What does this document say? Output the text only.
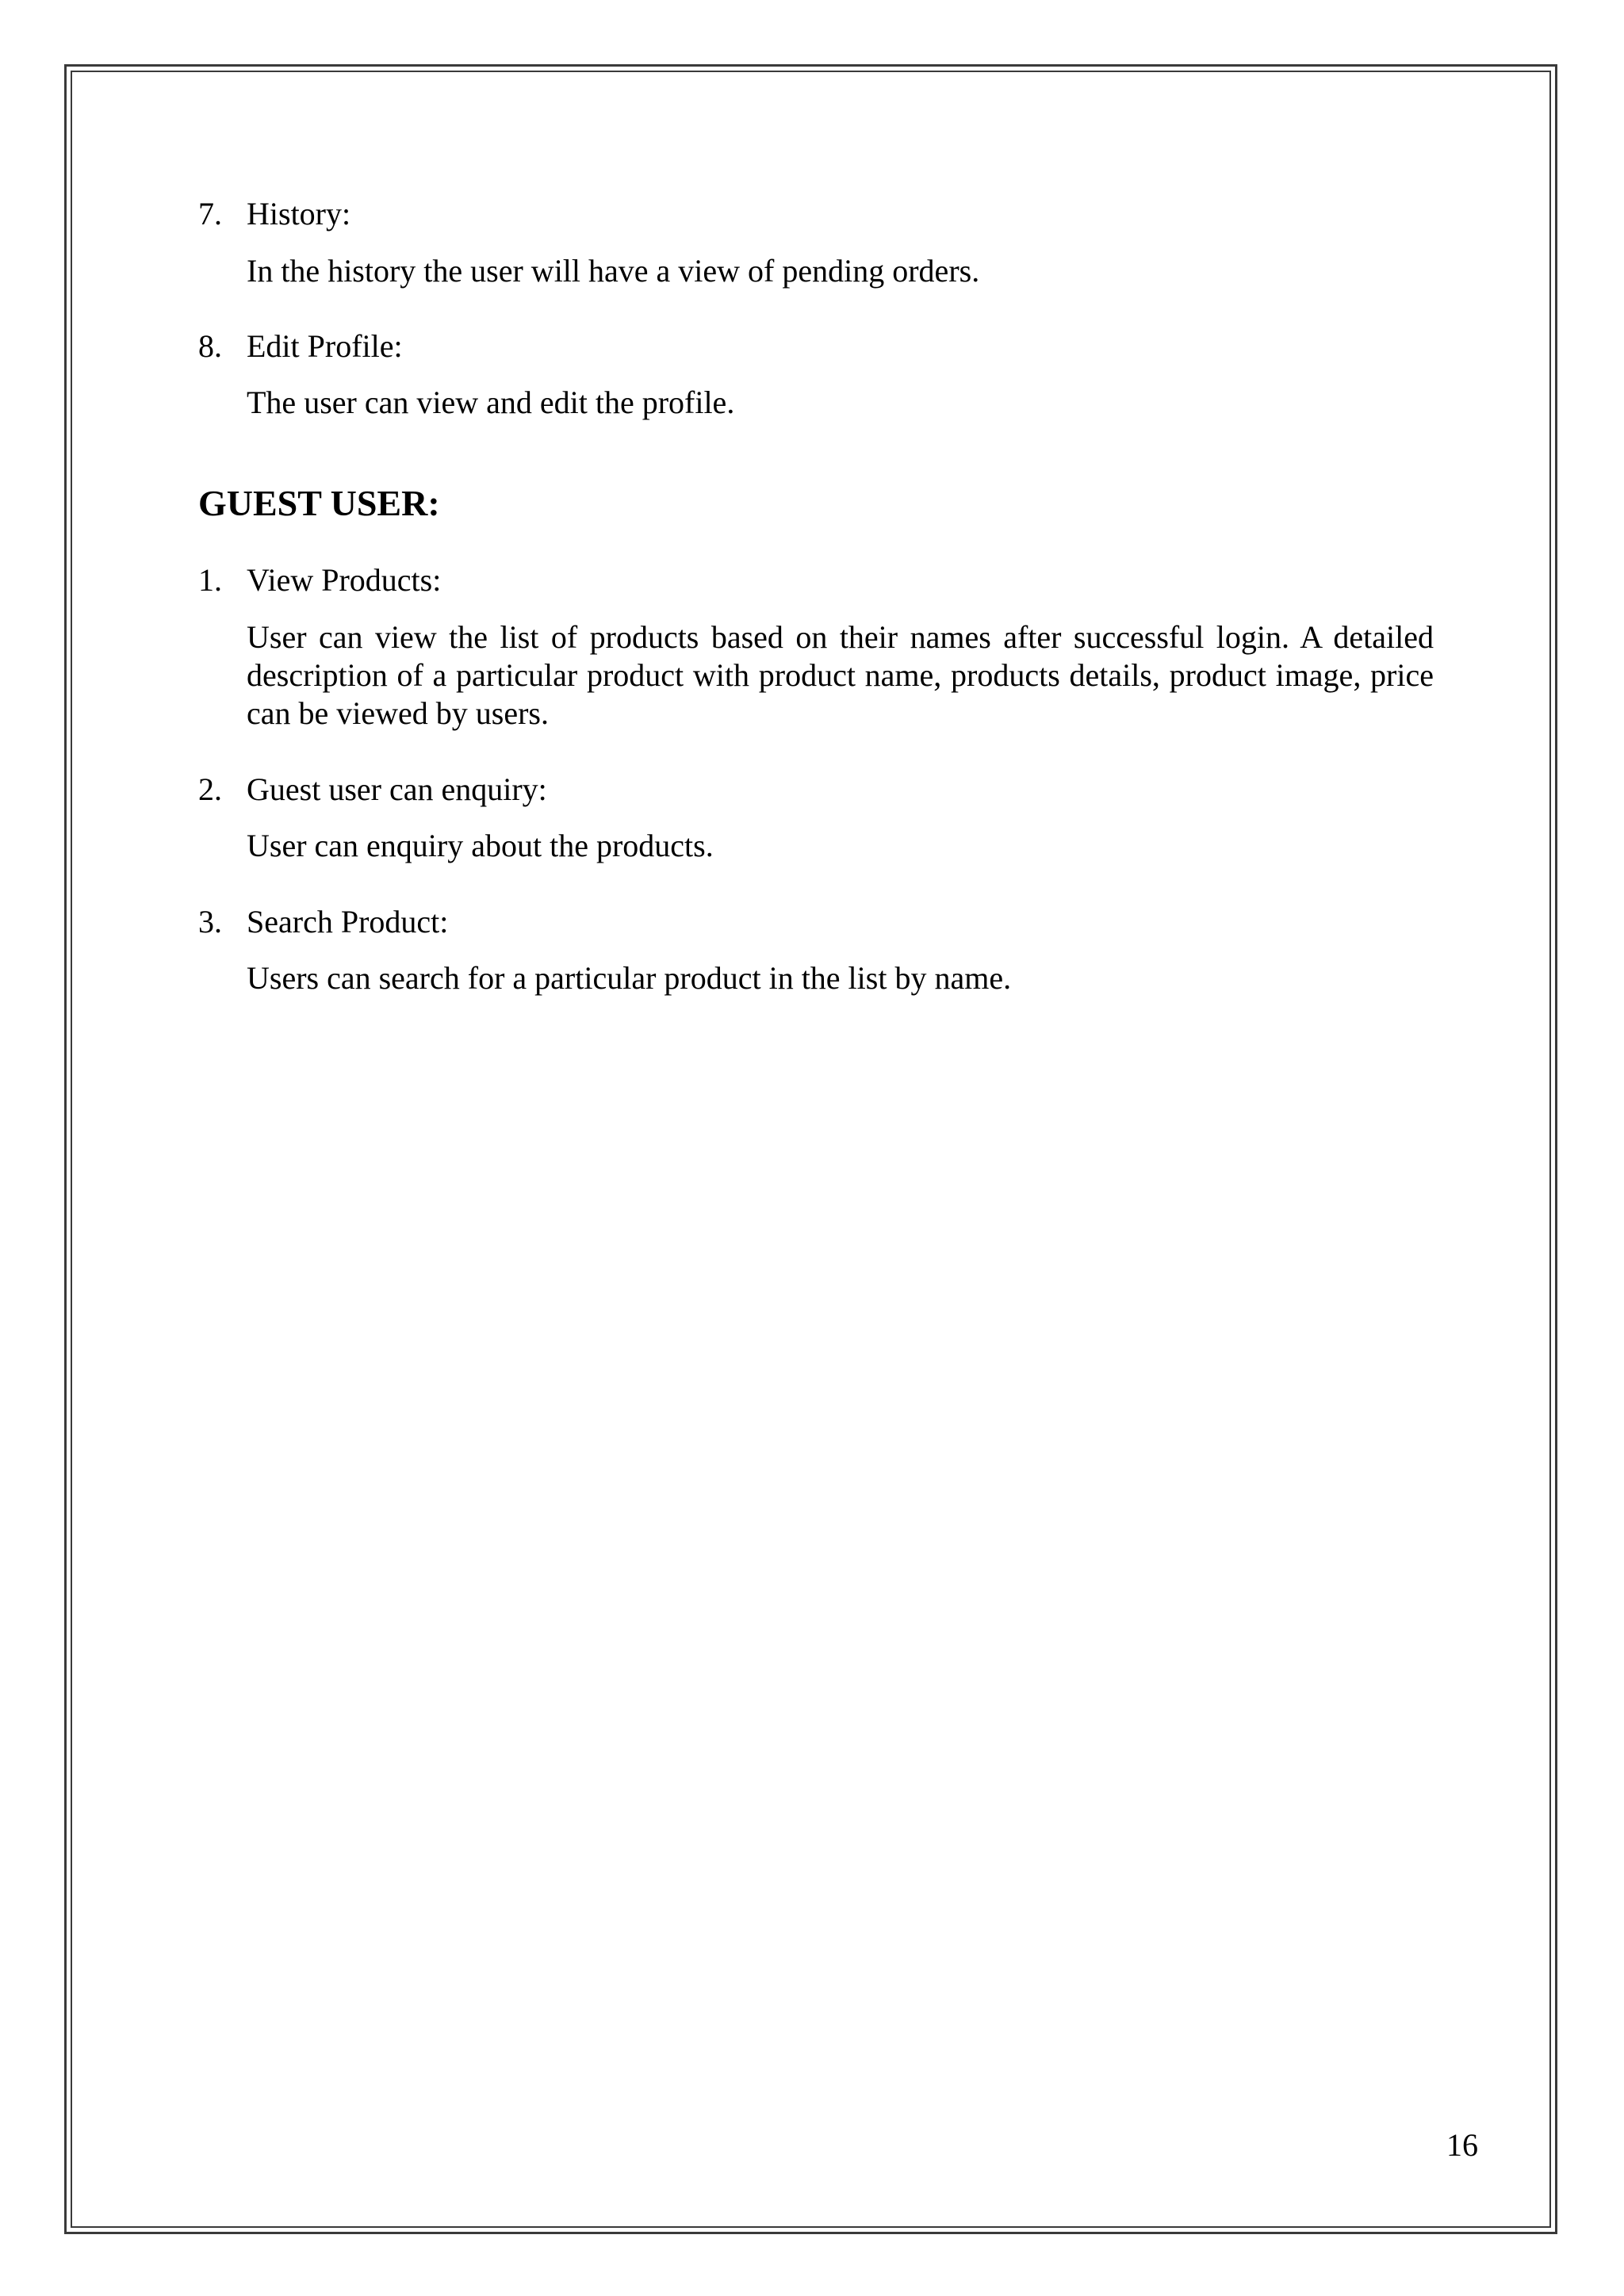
7. History:
In the history the user will have a view of pending orders.
8. Edit Profile:
The user can view and edit the profile.
GUEST USER:
1. View Products:
User can view the list of products based on their names after successful login. A detailed description of a particular product with product name, products details, product image, price can be viewed by users.
2. Guest user can enquiry:
User can enquiry about the products.
3. Search Product:
Users can search for a particular product in the list by name.
16
